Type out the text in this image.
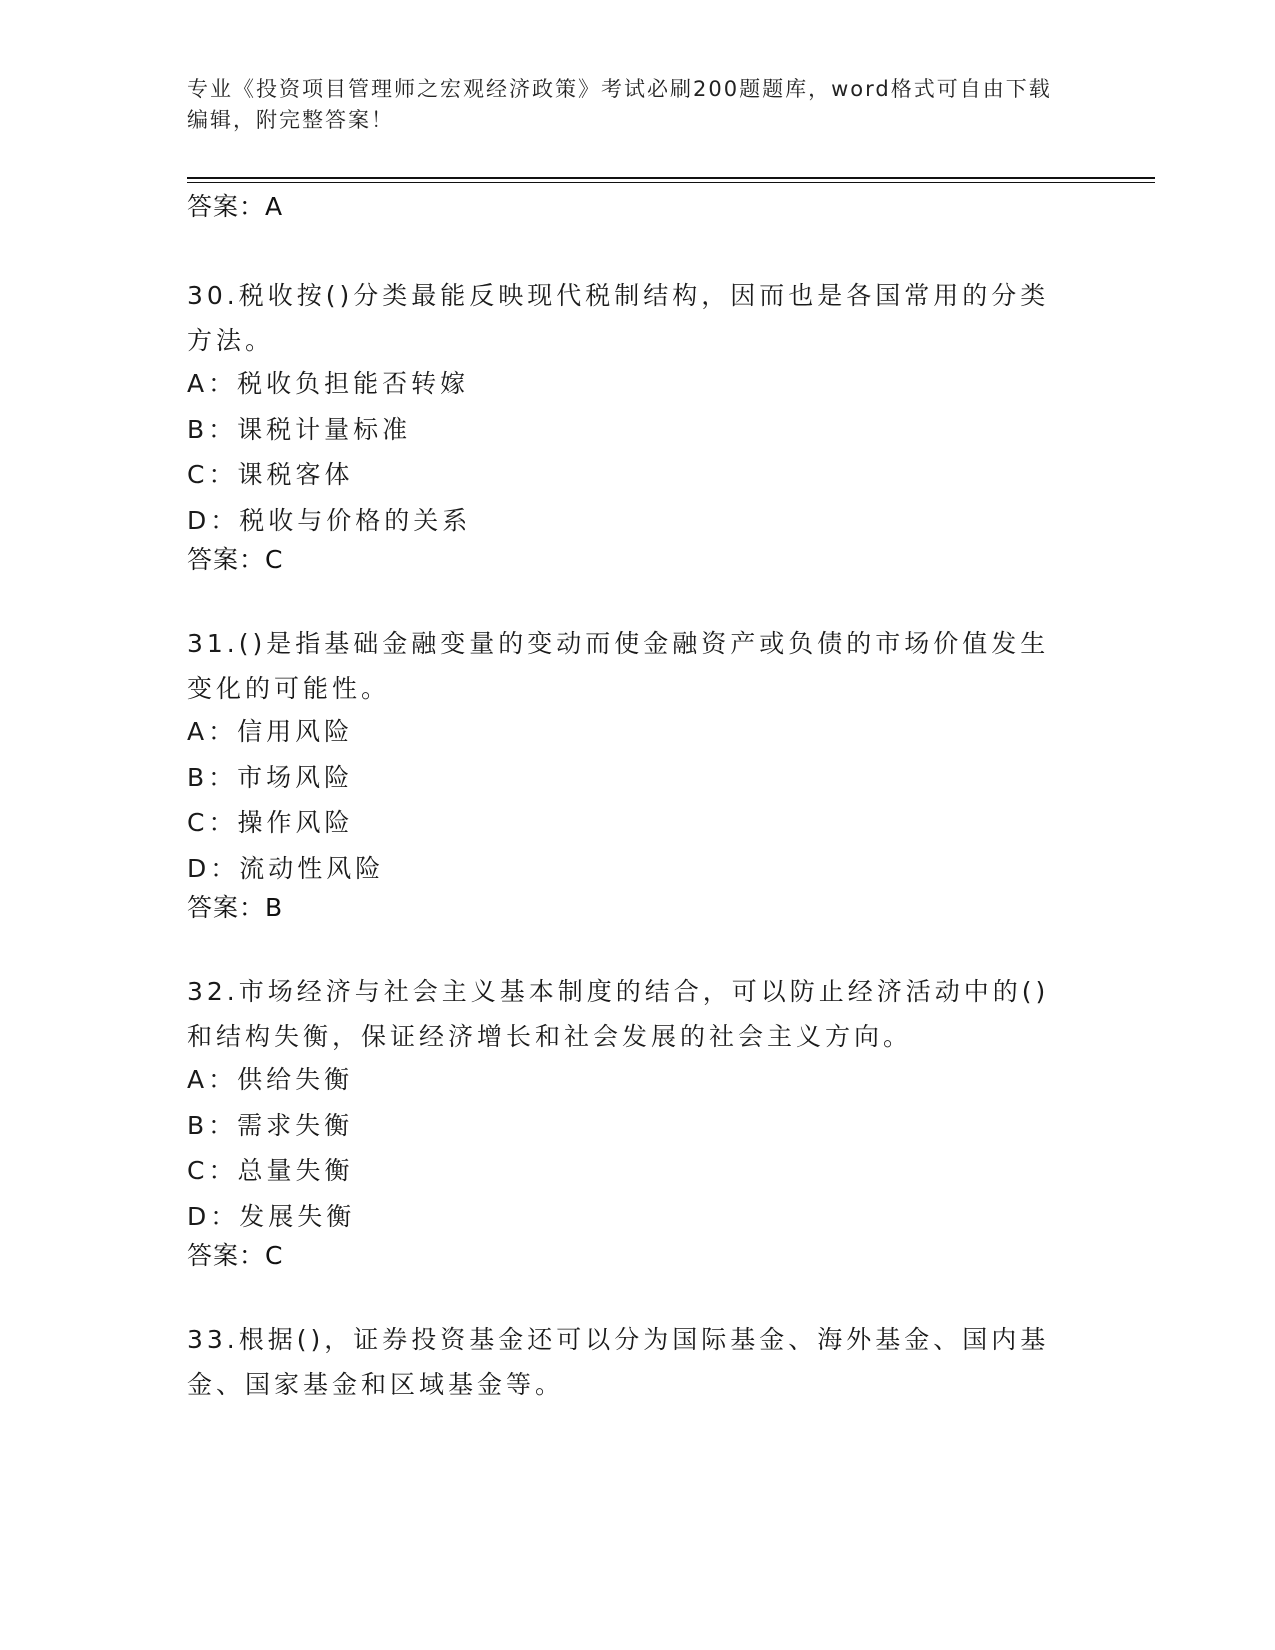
专业《投资项目管理师之宏观经济政策》考试必刷200题题库，word格式可自由下载编辑，附完整答案！
答案：A
30.税收按()分类最能反映现代税制结构，因而也是各国常用的分类方法。
A：税收负担能否转嫁
B：课税计量标准
C：课税客体
D：税收与价格的关系
答案：C
31.()是指基础金融变量的变动而使金融资产或负债的市场价值发生变化的可能性。
A：信用风险
B：市场风险
C：操作风险
D：流动性风险
答案：B
32.市场经济与社会主义基本制度的结合，可以防止经济活动中的()和结构失衡，保证经济增长和社会发展的社会主义方向。
A：供给失衡
B：需求失衡
C：总量失衡
D：发展失衡
答案：C
33.根据()，证券投资基金还可以分为国际基金、海外基金、国内基金、国家基金和区域基金等。
